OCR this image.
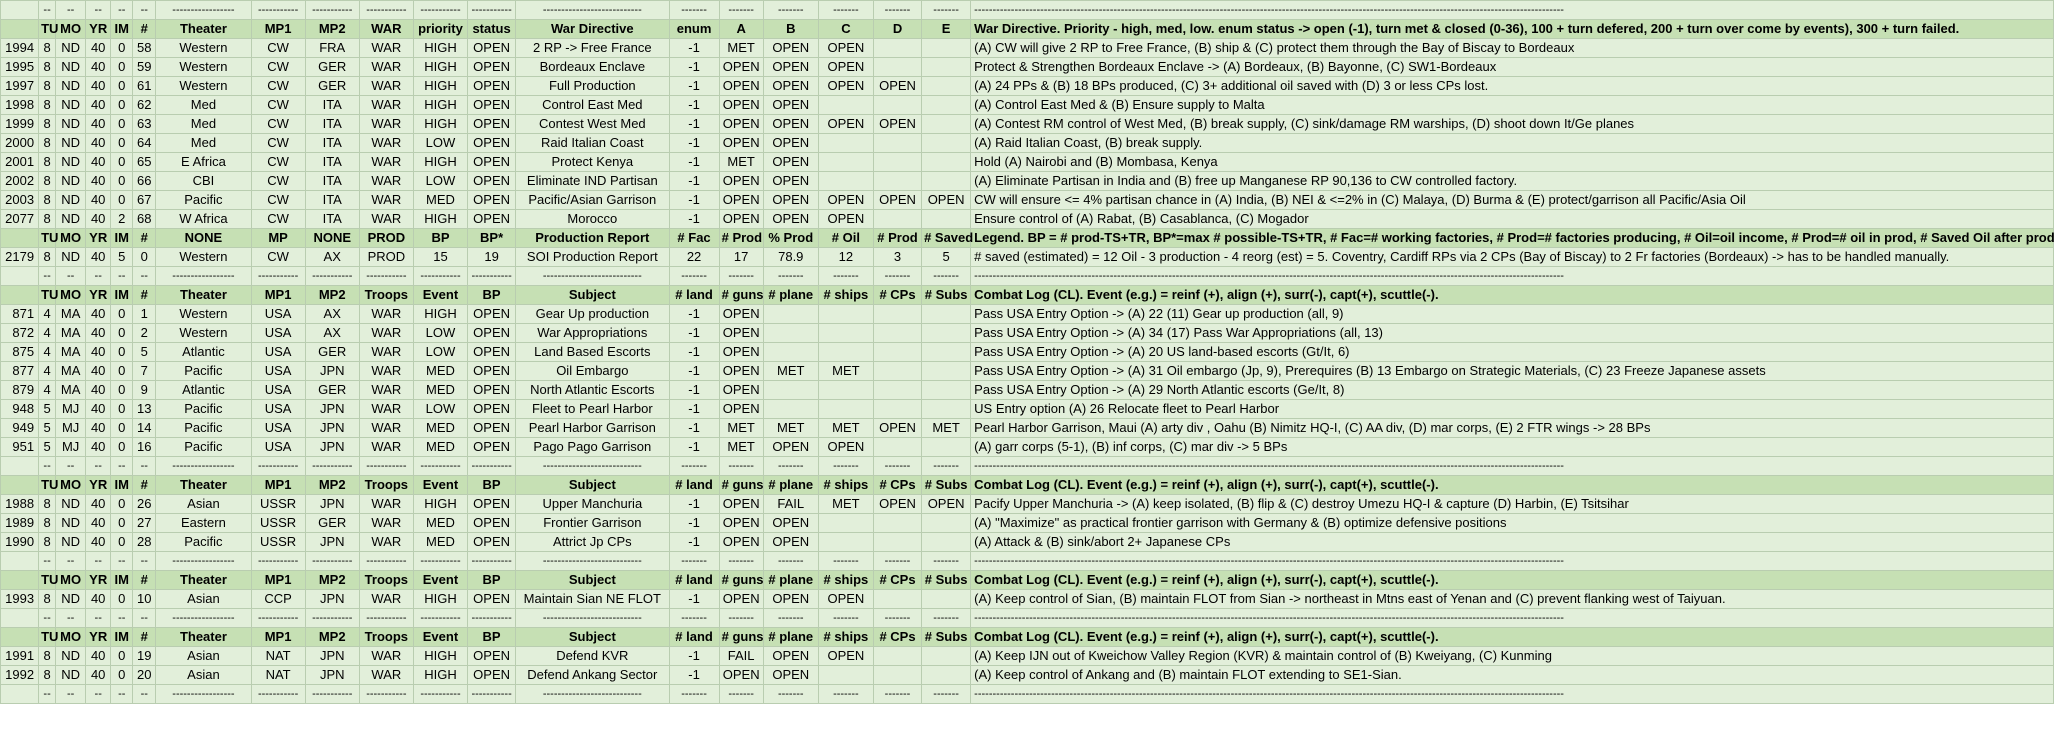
	--	--	--	--	--	-----------------	-----------	-----------	-----------	-----------	-----------	---------------------------	-------	-------	-------	-------	-------	-------	-----------------------------------------------------------------------------------------------------------------------------------------------------------------
	TU	MO	YR	IM	#	Theater	MP1	MP2	WAR	priority	status	War Directive	enum	A	B	C	D	E	War Directive. Priority - high, med, low. enum status -> open (-1), turn met & closed (0-36), 100 + turn defered, 200 + turn over come by events), 300 + turn failed.
1994	8	ND	40	0	58	Western	CW	FRA	WAR	HIGH	OPEN	2 RP -> Free France	-1	MET	OPEN	OPEN			(A) CW will give 2 RP to Free France, (B) ship & (C) protect them through the Bay of Biscay to Bordeaux
1995	8	ND	40	0	59	Western	CW	GER	WAR	HIGH	OPEN	Bordeaux Enclave	-1	OPEN	OPEN	OPEN			Protect & Strengthen Bordeaux Enclave -> (A) Bordeaux, (B) Bayonne, (C) SW1-Bordeaux
1997	8	ND	40	0	61	Western	CW	GER	WAR	HIGH	OPEN	Full Production	-1	OPEN	OPEN	OPEN	OPEN		(A) 24 PPs & (B) 18 BPs produced, (C) 3+ additional oil saved with (D) 3 or less CPs lost.
1998	8	ND	40	0	62	Med	CW	ITA	WAR	HIGH	OPEN	Control East Med	-1	OPEN	OPEN				(A) Control East Med & (B) Ensure supply to Malta
1999	8	ND	40	0	63	Med	CW	ITA	WAR	HIGH	OPEN	Contest West Med	-1	OPEN	OPEN	OPEN	OPEN		(A) Contest RM control of West Med, (B) break supply, (C) sink/damage RM warships, (D) shoot down It/Ge planes
2000	8	ND	40	0	64	Med	CW	ITA	WAR	LOW	OPEN	Raid Italian Coast	-1	OPEN	OPEN				(A) Raid Italian Coast, (B) break supply.
2001	8	ND	40	0	65	E Africa	CW	ITA	WAR	HIGH	OPEN	Protect Kenya	-1	MET	OPEN				Hold (A) Nairobi and (B) Mombasa, Kenya
2002	8	ND	40	0	66	CBI	CW	ITA	WAR	LOW	OPEN	Eliminate IND Partisan	-1	OPEN	OPEN				(A) Eliminate Partisan in India and (B) free up Manganese RP 90,136 to CW controlled factory.
2003	8	ND	40	0	67	Pacific	CW	ITA	WAR	MED	OPEN	Pacific/Asian Garrison	-1	OPEN	OPEN	OPEN	OPEN	OPEN	CW will ensure <= 4% partisan chance in (A) India, (B) NEI & <=2% in (C) Malaya, (D) Burma & (E) protect/garrison all Pacific/Asia Oil
2077	8	ND	40	2	68	W Africa	CW	ITA	WAR	HIGH	OPEN	Morocco	-1	OPEN	OPEN	OPEN			Ensure control of (A) Rabat, (B) Casablanca, (C) Mogador
	TU	MO	YR	IM	#	NONE	MP	NONE	PROD	BP	BP*	Production Report	# Fac	# Prod	% Prod	# Oil	# Prod	# Saved	Legend. BP = # prod-TS+TR, BP*=max # possible-TS+TR, # Fac=# working factories, # Prod=# factories producing, # Oil=oil income, # Prod=# oil in prod, # Saved Oil after prod
2179	8	ND	40	5	0	Western	CW	AX	PROD	15	19	SOI Production Report	22	17	78.9	12	3	5	# saved (estimated) = 12 Oil - 3 production - 4 reorg (est) = 5. Coventry, Cardiff RPs via 2 CPs (Bay of Biscay) to 2 Fr factories (Bordeaux) -> has to be handled manually.
	--	--	--	--	--	-----------------	-----------	-----------	-----------	-----------	-----------	---------------------------	-------	-------	-------	-------	-------	-------	-----------------------------------------------------------------------------------------------------------------------------------------------------------------
	TU	MO	YR	IM	#	Theater	MP1	MP2	Troops	Event	BP	Subject	# land	# guns	# plane	# ships	# CPs	# Subs	Combat Log (CL). Event (e.g.) = reinf (+), align (+), surr(-), capt(+), scuttle(-).
871	4	MA	40	0	1	Western	USA	AX	WAR	HIGH	OPEN	Gear Up production	-1	OPEN					Pass USA Entry Option -> (A) 22 (11) Gear up production (all, 9)
872	4	MA	40	0	2	Western	USA	AX	WAR	LOW	OPEN	War Appropriations	-1	OPEN					Pass USA Entry Option -> (A) 34 (17) Pass War Appropriations (all, 13)
875	4	MA	40	0	5	Atlantic	USA	GER	WAR	LOW	OPEN	Land Based Escorts	-1	OPEN					Pass USA Entry Option -> (A) 20 US land-based escorts (Gt/It, 6)
877	4	MA	40	0	7	Pacific	USA	JPN	WAR	MED	OPEN	Oil Embargo	-1	OPEN	MET	MET			Pass USA Entry Option -> (A) 31 Oil embargo (Jp, 9), Prerequires (B) 13 Embargo on Strategic Materials, (C) 23 Freeze Japanese assets
879	4	MA	40	0	9	Atlantic	USA	GER	WAR	MED	OPEN	North Atlantic Escorts	-1	OPEN					Pass USA Entry Option -> (A) 29 North Atlantic escorts (Ge/It, 8)
948	5	MJ	40	0	13	Pacific	USA	JPN	WAR	LOW	OPEN	Fleet to Pearl Harbor	-1	OPEN					US Entry option (A) 26 Relocate fleet to Pearl Harbor
949	5	MJ	40	0	14	Pacific	USA	JPN	WAR	MED	OPEN	Pearl Harbor Garrison	-1	MET	MET	MET	OPEN	MET	Pearl Harbor Garrison, Maui (A) arty div , Oahu (B) Nimitz HQ-I, (C) AA div, (D) mar corps, (E) 2 FTR wings -> 28 BPs
951	5	MJ	40	0	16	Pacific	USA	JPN	WAR	MED	OPEN	Pago Pago Garrison	-1	MET	OPEN	OPEN			(A) garr corps (5-1), (B) inf corps, (C) mar div -> 5 BPs
	--	--	--	--	--	-----------------	-----------	-----------	-----------	-----------	-----------	---------------------------	-------	-------	-------	-------	-------	-------	-----------------------------------------------------------------------------------------------------------------------------------------------------------------
	TU	MO	YR	IM	#	Theater	MP1	MP2	Troops	Event	BP	Subject	# land	# guns	# plane	# ships	# CPs	# Subs	Combat Log (CL). Event (e.g.) = reinf (+), align (+), surr(-), capt(+), scuttle(-).
1988	8	ND	40	0	26	Asian	USSR	JPN	WAR	HIGH	OPEN	Upper Manchuria	-1	OPEN	FAIL	MET	OPEN	OPEN	Pacify Upper Manchuria -> (A) keep isolated, (B) flip & (C) destroy Umezu HQ-I & capture (D) Harbin, (E) Tsitsihar
1989	8	ND	40	0	27	Eastern	USSR	GER	WAR	MED	OPEN	Frontier Garrison	-1	OPEN	OPEN				(A) "Maximize" as practical frontier garrison with Germany & (B) optimize defensive positions
1990	8	ND	40	0	28	Pacific	USSR	JPN	WAR	MED	OPEN	Attrict Jp CPs	-1	OPEN	OPEN				(A) Attack & (B) sink/abort 2+ Japanese CPs
	--	--	--	--	--	-----------------	-----------	-----------	-----------	-----------	-----------	---------------------------	-------	-------	-------	-------	-------	-------	-----------------------------------------------------------------------------------------------------------------------------------------------------------------
	TU	MO	YR	IM	#	Theater	MP1	MP2	Troops	Event	BP	Subject	# land	# guns	# plane	# ships	# CPs	# Subs	Combat Log (CL). Event (e.g.) = reinf (+), align (+), surr(-), capt(+), scuttle(-).
1993	8	ND	40	0	10	Asian	CCP	JPN	WAR	HIGH	OPEN	Maintain Sian NE FLOT	-1	OPEN	OPEN	OPEN			(A) Keep control of Sian, (B) maintain FLOT from Sian -> northeast in Mtns east of Yenan and (C) prevent flanking west of Taiyuan.
	--	--	--	--	--	-----------------	-----------	-----------	-----------	-----------	-----------	---------------------------	-------	-------	-------	-------	-------	-------	-----------------------------------------------------------------------------------------------------------------------------------------------------------------
	TU	MO	YR	IM	#	Theater	MP1	MP2	Troops	Event	BP	Subject	# land	# guns	# plane	# ships	# CPs	# Subs	Combat Log (CL). Event (e.g.) = reinf (+), align (+), surr(-), capt(+), scuttle(-).
1991	8	ND	40	0	19	Asian	NAT	JPN	WAR	HIGH	OPEN	Defend KVR	-1	FAIL	OPEN	OPEN			(A) Keep IJN out of Kweichow Valley Region (KVR) & maintain control of (B) Kweiyang, (C) Kunming
1992	8	ND	40	0	20	Asian	NAT	JPN	WAR	HIGH	OPEN	Defend Ankang Sector	-1	OPEN	OPEN				(A) Keep control of Ankang and (B) maintain FLOT extending to SE1-Sian.
	--	--	--	--	--	-----------------	-----------	-----------	-----------	-----------	-----------	---------------------------	-------	-------	-------	-------	-------	-------	-----------------------------------------------------------------------------------------------------------------------------------------------------------------
